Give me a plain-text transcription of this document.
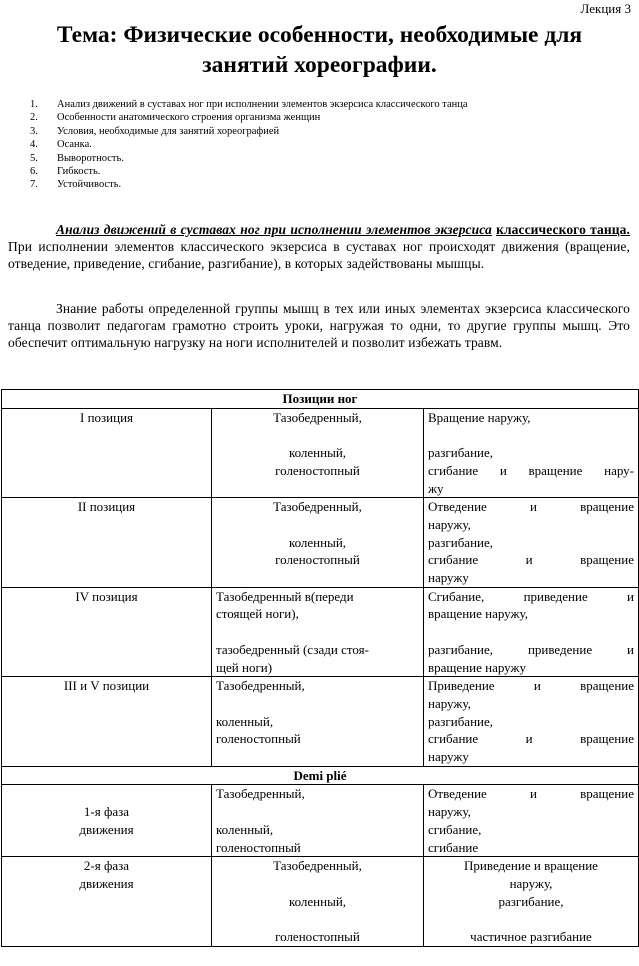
Лекция 3
Тема: Физические особенности, необходимые для
занятий хореографии.
1.	Анализ движений в суставах ног при исполнении элементов экзерсиса классического танца
2.	Особенности анатомического строения организма женщин
3.	Условия, необходимые для занятий хореографией
4.	Осанка.
5.	Выворотность.
6.	Гибкость.
7.	Устойчивость.

Анализ движений в суставах ног при исполнении элементов экзерсиса классического танца. При исполнении элементов классического экзерсиса в суставах ног происходят движения (вращение, отведение, приведение, сгибание, разгибание), в которых задействованы мышцы.

Знание работы определенной группы мышц в тех или иных элементах экзерсиса классического танца позволит педагогам грамотно строить уроки, нагружая то одни, то другие группы мышц. Это обеспечит оптимальную нагрузку на ноги исполнителей и позволит избежать травм.

Позиции ног		
I позиция	Тазобедренный,
коленный,
голеностопный	Вращение наружу,
разгибание,
сгибание и вращение нару-
жу

II позиция	Тазобедренный,
коленный,
голеностопный	Отведение и вращение
наружу,
разгибание,
сгибание и вращение
наружу

IV позиция	Тазобедренный в(переди
стоящей ноги),
тазобедренный (сзади стоя-
щей ноги)	Сгибание, приведение и
вращение наружу,
разгибание, приведение и
вращение наружу

III и V позиции	Тазобедренный,
коленный,
голеностопный	Приведение и вращение
наружу,
разгибание,
сгибание и вращение
наружу

Demi plié		

1-я фаза
движения	Тазобедренный,
коленный,
голеностопный	Отведение и вращение
наружу,
сгибание,
сгибание

2-я фаза
движения	Тазобедренный,
коленный,
голеностопный	Приведение и вращение
наружу,
разгибание,
частичное разгибание
